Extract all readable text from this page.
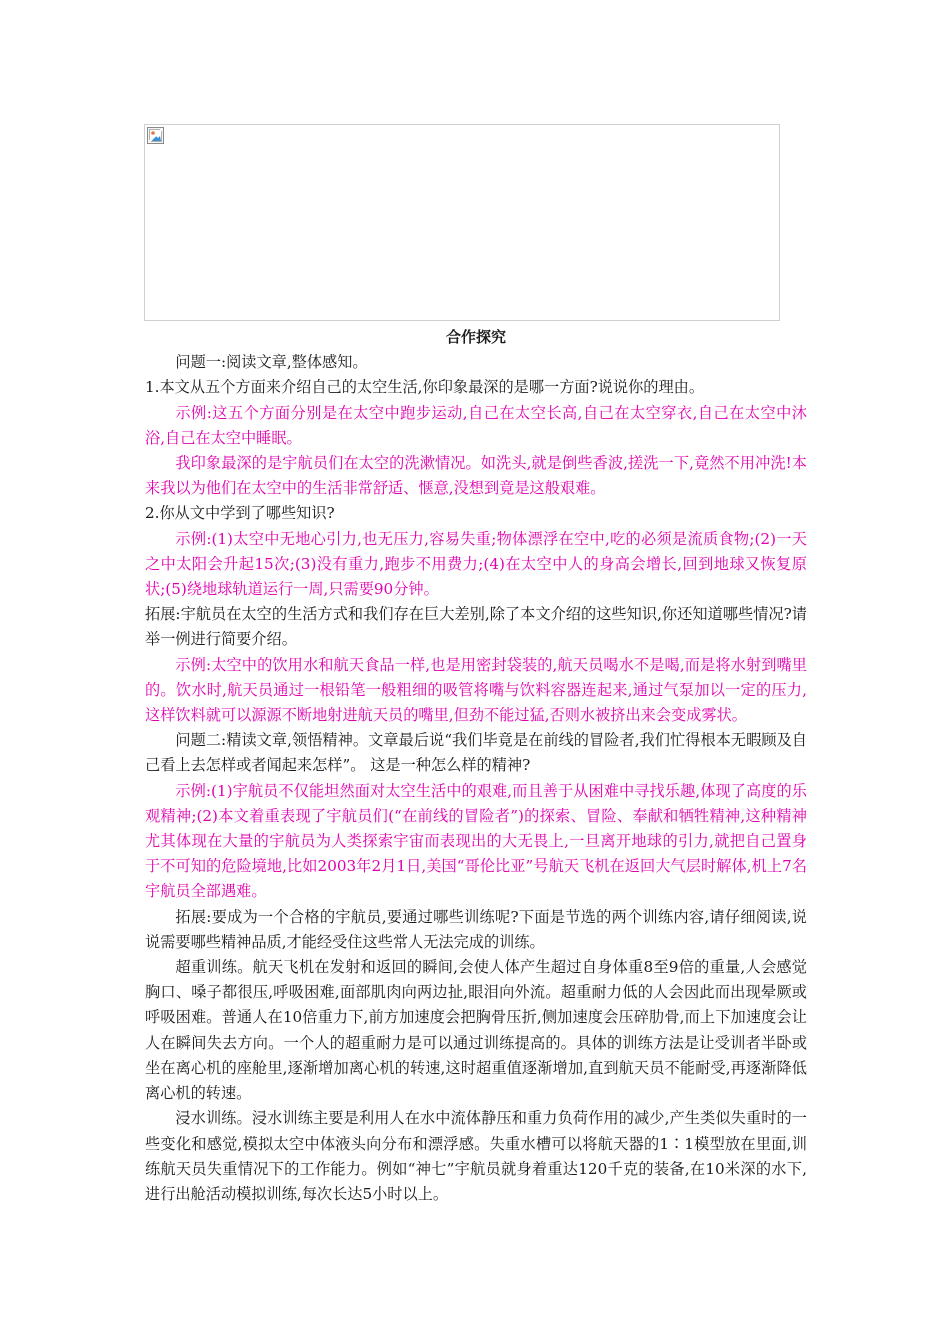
合作探究

问题一:阅读文章,整体感知。

1.本文从五个方面来介绍自己的太空生活,你印象最深的是哪一方面?说说你的理由。

示例:这五个方面分别是在太空中跑步运动,自己在太空长高,自己在太空穿衣,自己在太空中沐浴,自己在太空中睡眠。

我印象最深的是宇航员们在太空的洗漱情况。如洗头,就是倒些香波,搓洗一下,竟然不用冲洗!本来我以为他们在太空中的生活非常舒适、惬意,没想到竟是这般艰难。

2.你从文中学到了哪些知识?

示例:(1)太空中无地心引力,也无压力,容易失重;物体漂浮在空中,吃的必须是流质食物;(2)一天之中太阳会升起15次;(3)没有重力,跑步不用费力;(4)在太空中人的身高会增长,回到地球又恢复原状;(5)绕地球轨道运行一周,只需要90分钟。

拓展:宇航员在太空的生活方式和我们存在巨大差别,除了本文介绍的这些知识,你还知道哪些情况?请举一例进行简要介绍。

示例:太空中的饮用水和航天食品一样,也是用密封袋装的,航天员喝水不是喝,而是将水射到嘴里的。饮水时,航天员通过一根铅笔一般粗细的吸管将嘴与饮料容器连起来,通过气泵加以一定的压力,这样饮料就可以源源不断地射进航天员的嘴里,但劲不能过猛,否则水被挤出来会变成雾状。

问题二:精读文章,领悟精神。文章最后说“我们毕竟是在前线的冒险者,我们忙得根本无暇顾及自己看上去怎样或者闻起来怎样”。 这是一种怎么样的精神?

示例:(1)宇航员不仅能坦然面对太空生活中的艰难,而且善于从困难中寻找乐趣,体现了高度的乐观精神;(2)本文着重表现了宇航员们(“在前线的冒险者”)的探索、冒险、奉献和牺牲精神,这种精神尤其体现在大量的宇航员为人类探索宇宙而表现出的大无畏上,一旦离开地球的引力,就把自己置身于不可知的危险境地,比如2003年2月1日,美国“哥伦比亚”号航天飞机在返回大气层时解体,机上7名宇航员全部遇难。

拓展:要成为一个合格的宇航员,要通过哪些训练呢?下面是节选的两个训练内容,请仔细阅读,说说需要哪些精神品质,才能经受住这些常人无法完成的训练。

超重训练。航天飞机在发射和返回的瞬间,会使人体产生超过自身体重8至9倍的重量,人会感觉胸口、嗓子都很压,呼吸困难,面部肌肉向两边扯,眼泪向外流。超重耐力低的人会因此而出现晕厥或呼吸困难。普通人在10倍重力下,前方加速度会把胸骨压折,侧加速度会压碎肋骨,而上下加速度会让人在瞬间失去方向。一个人的超重耐力是可以通过训练提高的。具体的训练方法是让受训者半卧或坐在离心机的座舱里,逐渐增加离心机的转速,这时超重值逐渐增加,直到航天员不能耐受,再逐渐降低离心机的转速。

浸水训练。浸水训练主要是利用人在水中流体静压和重力负荷作用的减少,产生类似失重时的一些变化和感觉,模拟太空中体液头向分布和漂浮感。失重水槽可以将航天器的1∶1模型放在里面,训练航天员失重情况下的工作能力。例如“神七”宇航员就身着重达120千克的装备,在10米深的水下,进行出舱活动模拟训练,每次长达5小时以上。
